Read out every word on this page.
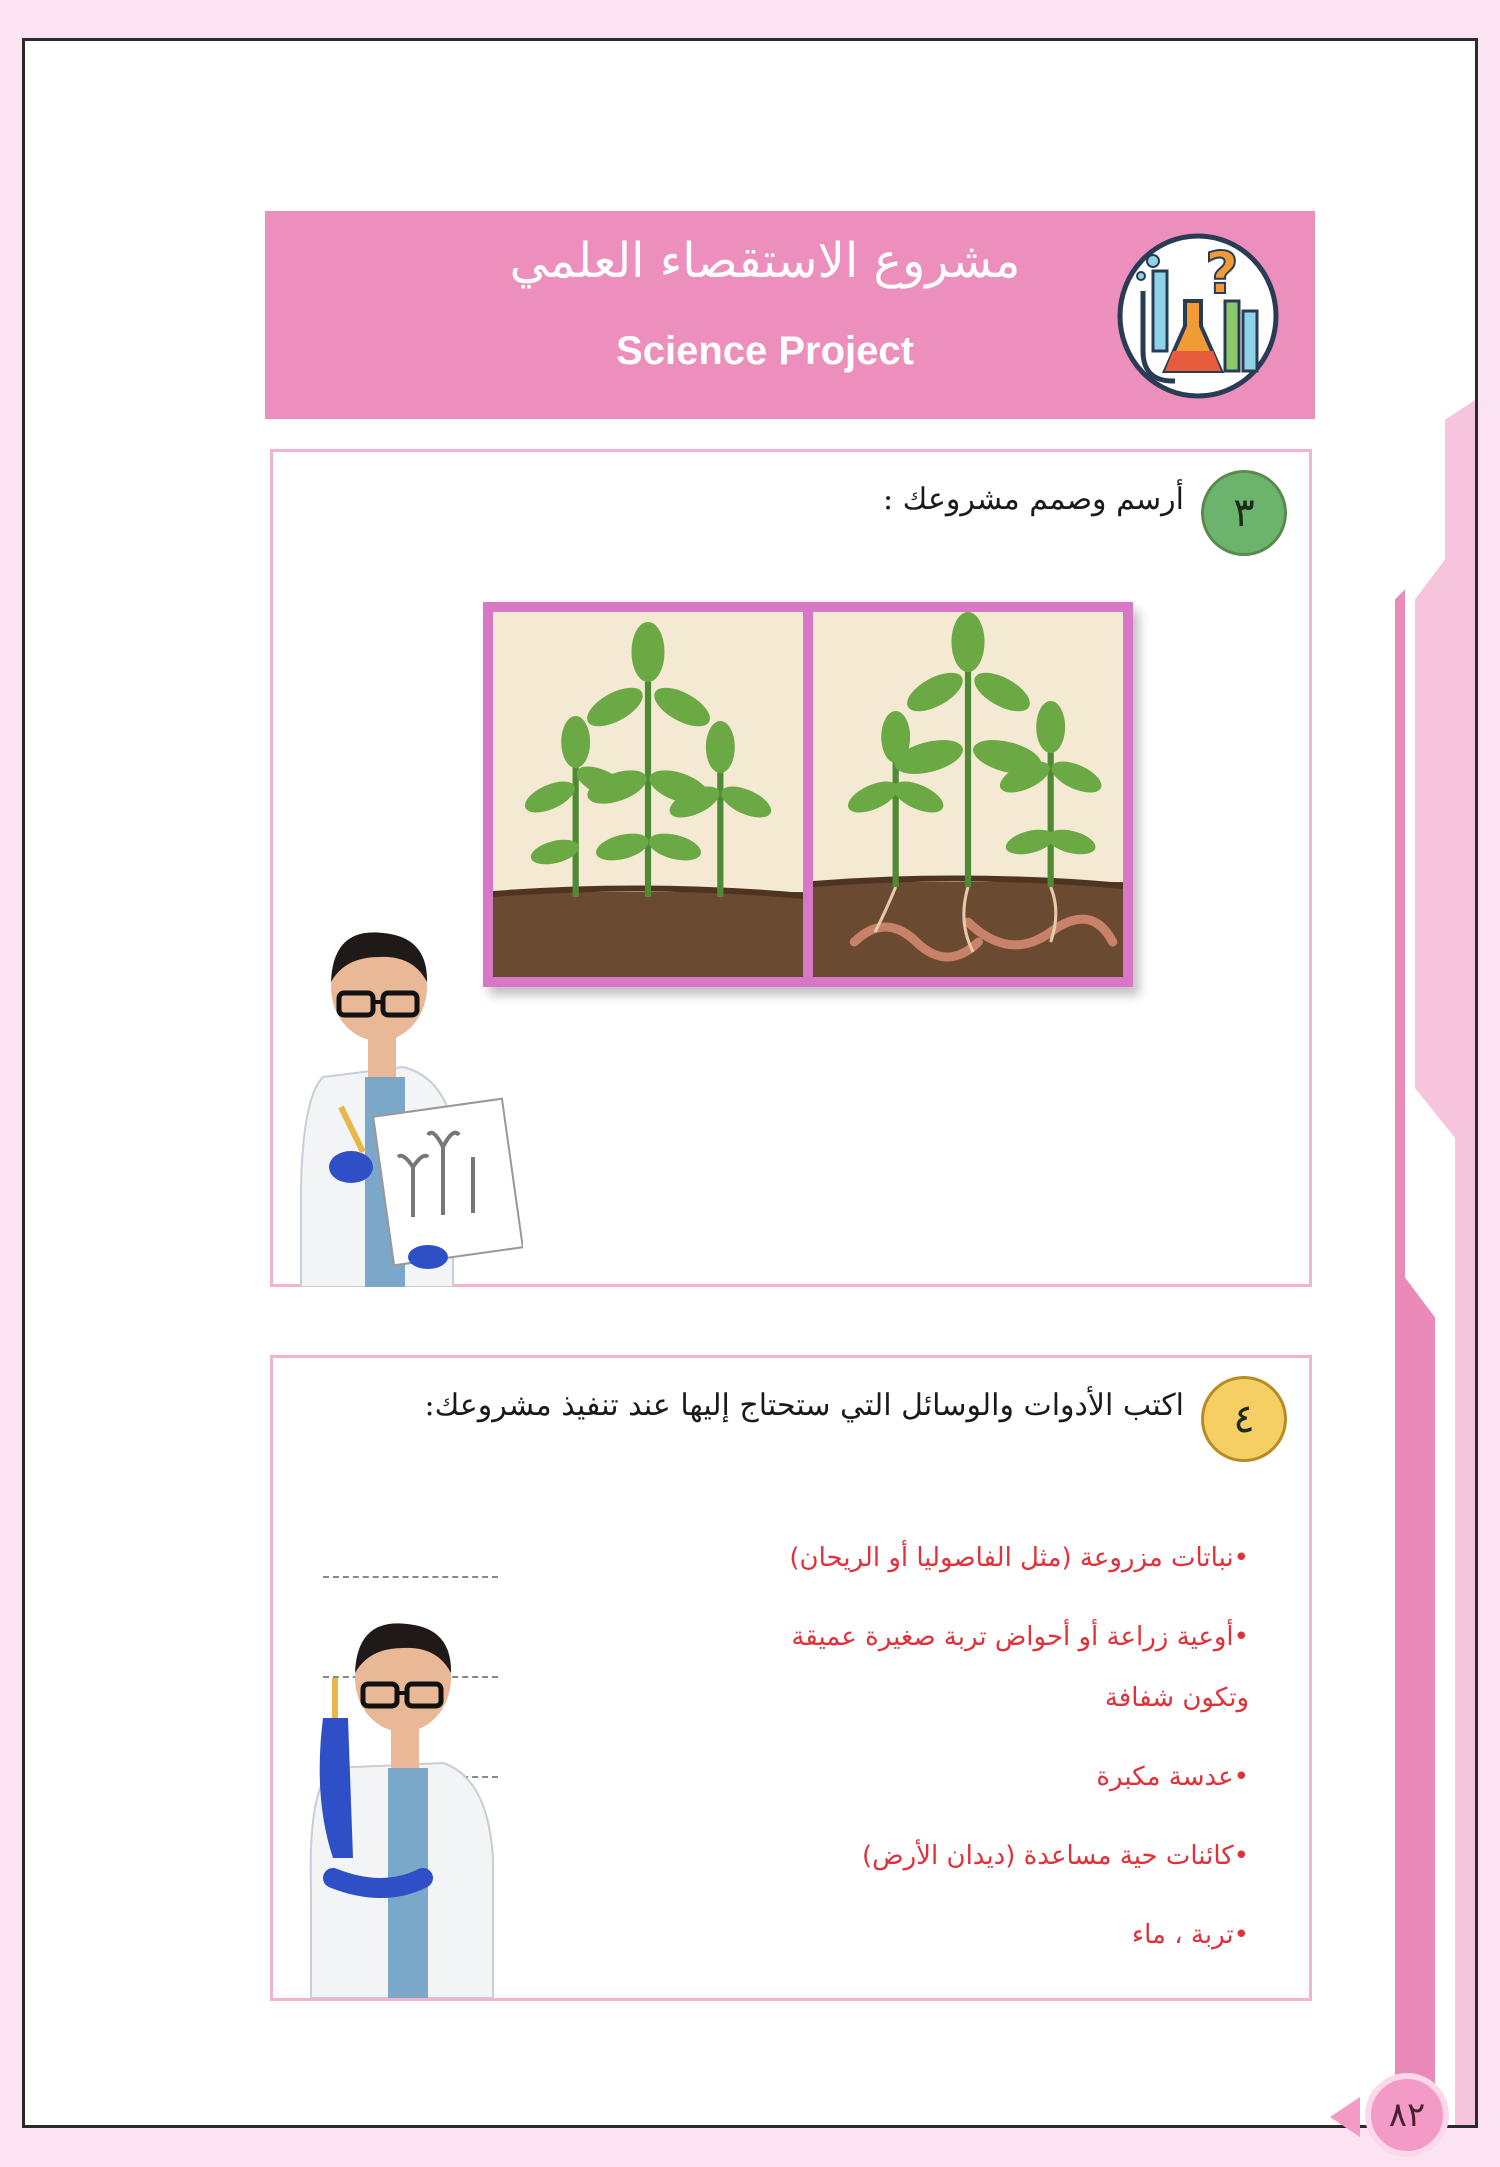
مشروع الاستقصاء العلمي
Science Project
?
٣
أرسم وصمم مشروعك :
٤
اكتب الأدوات والوسائل التي ستحتاج إليها عند تنفيذ مشروعك:
•نباتات مزروعة (مثل الفاصوليا أو الريحان)
•أوعية زراعة أو أحواض تربة صغيرة عميقة
وتكون شفافة
•عدسة مكبرة
•كائنات حية مساعدة (ديدان الأرض)
•تربة ، ماء
٨٢
